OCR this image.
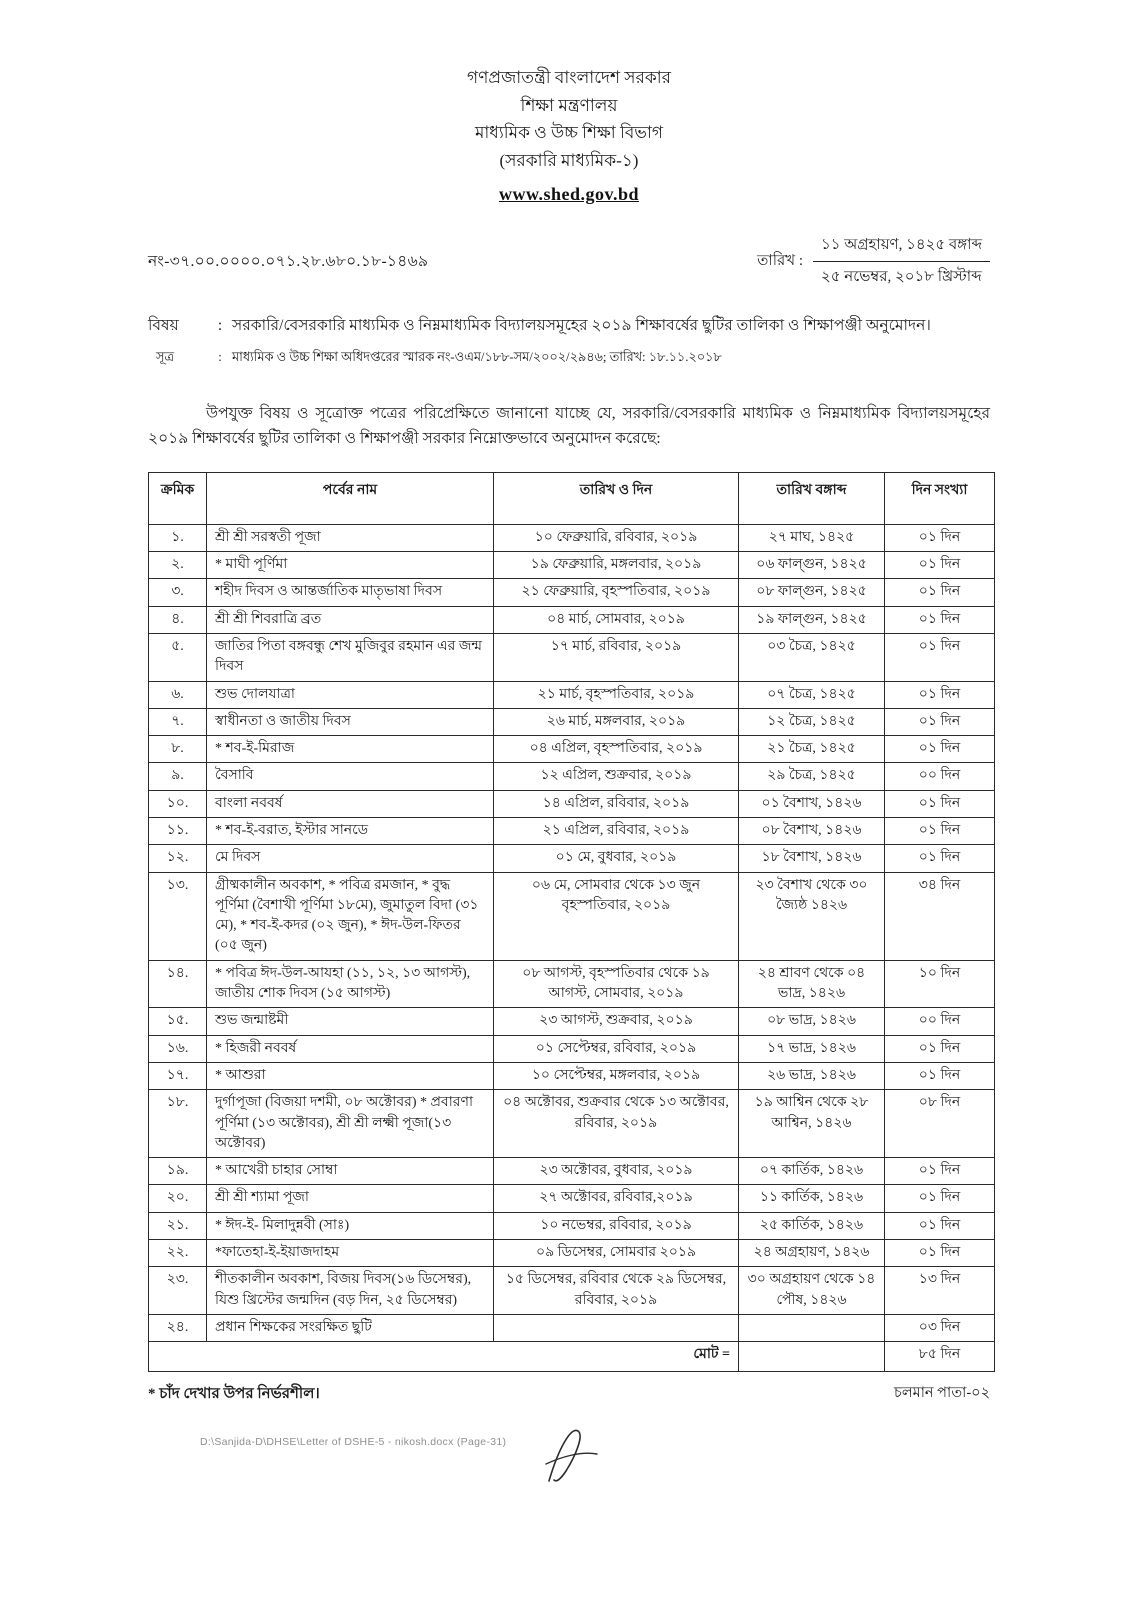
গণপ্রজাতন্ত্রী বাংলাদেশ সরকার
শিক্ষা মন্ত্রণালয়
মাধ্যমিক ও উচ্চ শিক্ষা বিভাগ
(সরকারি মাধ্যমিক-১)
www.shed.gov.bd
নং-৩৭.০০.০০০০.০৭১.২৮.৬৮০.১৮-১৪৬৯	তারিখ :
১১ অগ্রহায়ণ, ১৪২৫ বঙ্গাব্দ
২৫ নভেম্বর, ২০১৮ খ্রিস্টাব্দ
বিষয়	: সরকারি/বেসরকারি মাধ্যমিক ও নিম্নমাধ্যমিক বিদ্যালয়সমূহের ২০১৯ শিক্ষাবর্ষের ছুটির তালিকা ও শিক্ষাপঞ্জী অনুমোদন।
সূত্র	: মাধ্যমিক ও উচ্চ শিক্ষা অধিদপ্তরের স্মারক নং-ওএম/১৮৮-সম/২০০২/২৯৪৬; তারিখ: ১৮.১১.২০১৮

উপযুক্ত বিষয় ও সূত্রোক্ত পত্রের পরিপ্রেক্ষিতে জানানো যাচ্ছে যে, সরকারি/বেসরকারি মাধ্যমিক ও নিম্নমাধ্যমিক বিদ্যালয়সমূহের ২০১৯ শিক্ষাবর্ষের ছুটির তালিকা ও শিক্ষাপঞ্জী সরকার নিম্নোক্তভাবে অনুমোদন করেছে:

ক্রমিক	পর্বের নাম	তারিখ ও দিন	তারিখ বঙ্গাব্দ	দিন সংখ্যা
১.	শ্রী শ্রী সরস্বতী পূজা	১০ ফেব্রুয়ারি, রবিবার, ২০১৯	২৭ মাঘ, ১৪২৫	০১ দিন
২.	* মাঘী পূর্ণিমা	১৯ ফেব্রুয়ারি, মঙ্গলবার, ২০১৯	০৬ ফাল্গুন, ১৪২৫	০১ দিন
৩.	শহীদ দিবস ও আন্তর্জাতিক মাতৃভাষা দিবস	২১ ফেব্রুয়ারি, বৃহস্পতিবার, ২০১৯	০৮ ফাল্গুন, ১৪২৫	০১ দিন
৪.	শ্রী শ্রী শিবরাত্রি ব্রত	০৪ মার্চ, সোমবার, ২০১৯	১৯ ফাল্গুন, ১৪২৫	০১ দিন
৫.	জাতির পিতা বঙ্গবন্ধু শেখ মুজিবুর রহমান এর জন্ম দিবস	১৭ মার্চ, রবিবার, ২০১৯	০৩ চৈত্র, ১৪২৫	০১ দিন
৬.	শুভ দোলযাত্রা	২১ মার্চ, বৃহস্পতিবার, ২০১৯	০৭ চৈত্র, ১৪২৫	০১ দিন
৭.	স্বাধীনতা ও জাতীয় দিবস	২৬ মার্চ, মঙ্গলবার, ২০১৯	১২ চৈত্র, ১৪২৫	০১ দিন
৮.	* শব-ই-মিরাজ	০৪ এপ্রিল, বৃহস্পতিবার, ২০১৯	২১ চৈত্র, ১৪২৫	০১ দিন
৯.	বৈসাবি	১২ এপ্রিল, শুক্রবার, ২০১৯	২৯ চৈত্র, ১৪২৫	০০ দিন
১০.	বাংলা নববর্ষ	১৪ এপ্রিল, রবিবার, ২০১৯	০১ বৈশাখ, ১৪২৬	০১ দিন
১১.	* শব-ই-বরাত, ইস্টার সানডে	২১ এপ্রিল, রবিবার, ২০১৯	০৮ বৈশাখ, ১৪২৬	০১ দিন
১২.	মে দিবস	০১ মে, বুধবার, ২০১৯	১৮ বৈশাখ, ১৪২৬	০১ দিন
১৩.	গ্রীষ্মকালীন অবকাশ, * পবিত্র রমজান, * বুদ্ধ পূর্ণিমা (বৈশাখী পূর্ণিমা ১৮মে), জুমাতুল বিদা (৩১ মে), * শব-ই-কদর (০২ জুন), * ঈদ-উল-ফিতর (০৫ জুন)	০৬ মে, সোমবার থেকে ১৩ জুন বৃহস্পতিবার, ২০১৯	২৩ বৈশাখ থেকে ৩০ জ্যৈষ্ঠ ১৪২৬	৩৪ দিন
১৪.	* পবিত্র ঈদ-উল-আযহা (১১, ১২, ১৩ আগস্ট), জাতীয় শোক দিবস (১৫ আগস্ট)	০৮ আগস্ট, বৃহস্পতিবার থেকে ১৯ আগস্ট, সোমবার, ২০১৯	২৪ শ্রাবণ থেকে ০৪ ভাদ্র, ১৪২৬	১০ দিন
১৫.	শুভ জন্মাষ্টমী	২৩ আগস্ট, শুক্রবার, ২০১৯	০৮ ভাদ্র, ১৪২৬	০০ দিন
১৬.	* হিজরী নববর্ষ	০১ সেপ্টেম্বর, রবিবার, ২০১৯	১৭ ভাদ্র, ১৪২৬	০১ দিন
১৭.	* আশুরা	১০ সেপ্টেম্বর, মঙ্গলবার, ২০১৯	২৬ ভাদ্র, ১৪২৬	০১ দিন
১৮.	দুর্গাপূজা (বিজয়া দশমী, ০৮ অক্টোবর) * প্রবারণা পূর্ণিমা (১৩ অক্টোবর), শ্রী শ্রী লক্ষ্মী পূজা(১৩ অক্টোবর)	০৪ অক্টোবর, শুক্রবার থেকে ১৩ অক্টোবর, রবিবার, ২০১৯	১৯ আশ্বিন থেকে ২৮ আশ্বিন, ১৪২৬	০৮ দিন
১৯.	* আখেরী চাহার সোম্বা	২৩ অক্টোবর, বুধবার, ২০১৯	০৭ কার্তিক, ১৪২৬	০১ দিন
২০.	শ্রী শ্রী শ্যামা পূজা	২৭ অক্টোবর, রবিবার,২০১৯	১১ কার্তিক, ১৪২৬	০১ দিন
২১.	* ঈদ-ই- মিলাদুন্নবী (সাঃ)	১০ নভেম্বর, রবিবার, ২০১৯	২৫ কার্তিক, ১৪২৬	০১ দিন
২২.	*ফাতেহা-ই-ইয়াজদাহম	০৯ ডিসেম্বর, সোমবার ২০১৯	২৪ অগ্রহায়ণ, ১৪২৬	০১ দিন
২৩.	শীতকালীন অবকাশ, বিজয় দিবস(১৬ ডিসেম্বর), যিশু খ্রিস্টের জন্মদিন (বড় দিন, ২৫ ডিসেম্বর)	১৫ ডিসেম্বর, রবিবার থেকে ২৯ ডিসেম্বর, রবিবার, ২০১৯	৩০ অগ্রহায়ণ থেকে ১৪ পৌষ, ১৪২৬	১৩ দিন
২৪.	প্রধান শিক্ষকের সংরক্ষিত ছুটি			০৩ দিন
মোট =				৮৫ দিন
* চাঁদ দেখার উপর নির্ভরশীল।	চলমান পাতা-০২
D:\Sanjida-D\DHSE\Letter of DSHE-5 - nikosh.docx (Page-31)
